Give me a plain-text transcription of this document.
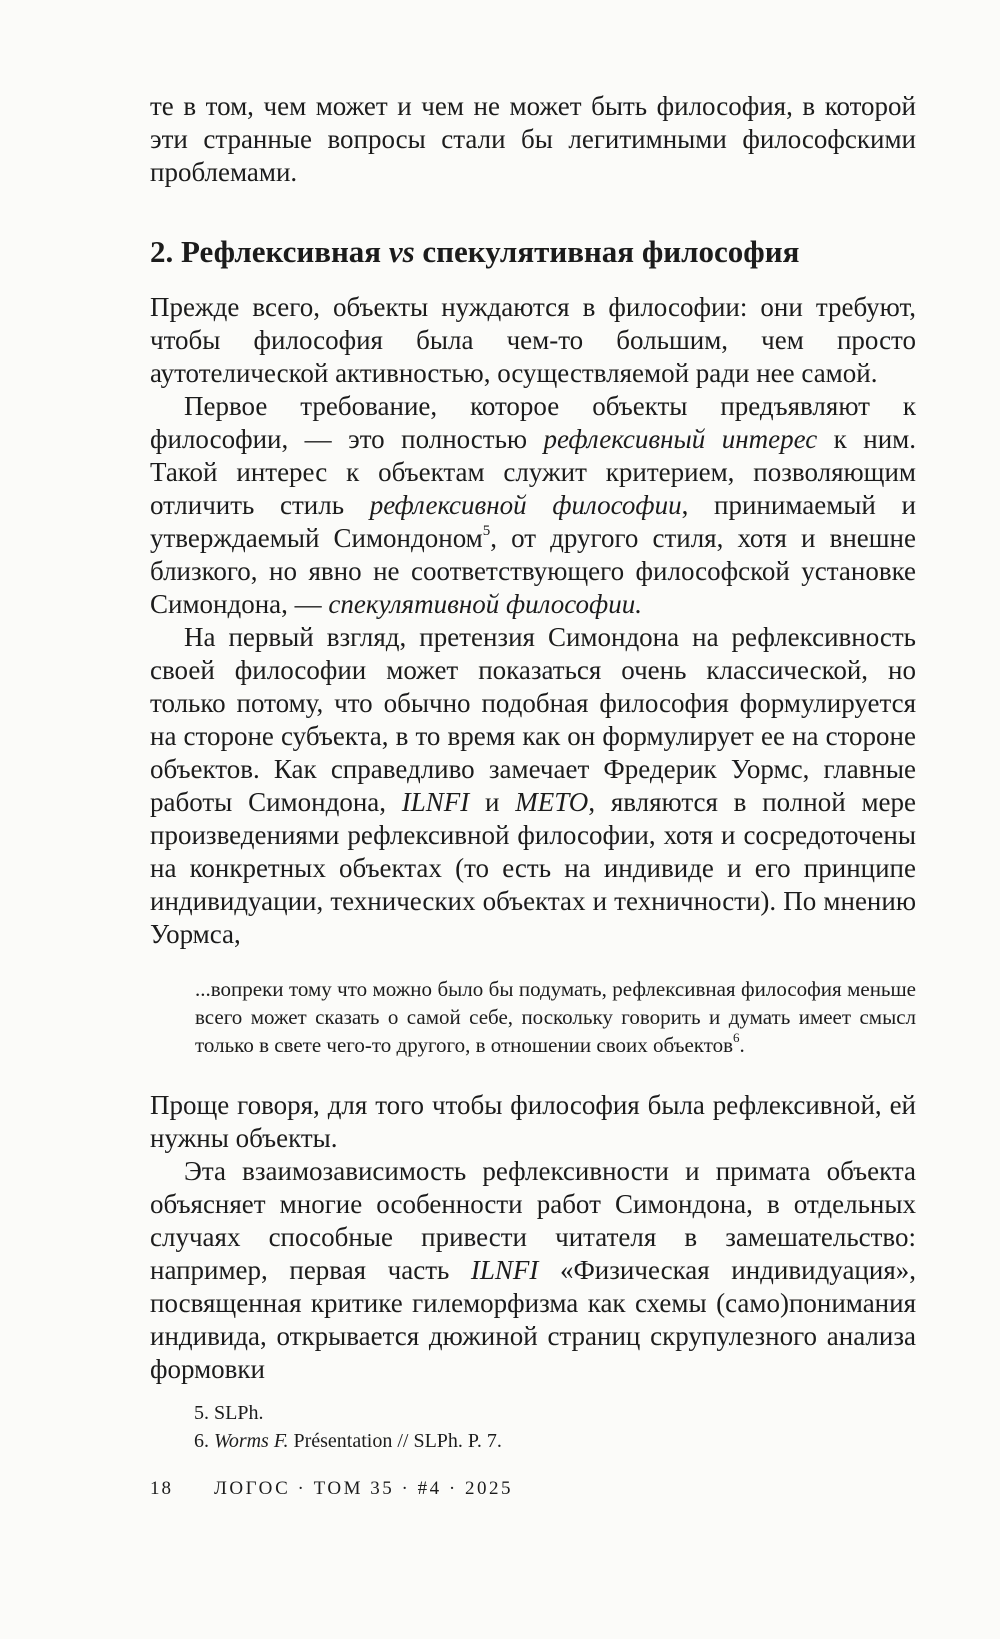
те в том, чем может и чем не может быть философия, в которой эти странные вопросы стали бы легитимными философскими проблемами.

2. Рефлексивная vs спекулятивная философия

Прежде всего, объекты нуждаются в философии: они требуют, чтобы философия была чем-то большим, чем просто аутотелической активностью, осуществляемой ради нее самой.

Первое требование, которое объекты предъявляют к философии, — это полностью рефлексивный интерес к ним. Такой интерес к объектам служит критерием, позволяющим отличить стиль рефлексивной философии, принимаемый и утверждаемый Симондоном$^5$, от другого стиля, хотя и внешне близкого, но явно не соответствующего философской установке Симондона, — спекулятивной философии.

На первый взгляд, претензия Симондона на рефлексивность своей философии может показаться очень классической, но только потому, что обычно подобная философия формулируется на стороне субъекта, в то время как он формулирует ее на стороне объектов. Как справедливо замечает Фредерик Уормс, главные работы Симондона, ILNFI и METO, являются в полной мере произведениями рефлексивной философии, хотя и сосредоточены на конкретных объектах (то есть на индивиде и его принципе индивидуации, технических объектах и техничности). По мнению Уормса,

...вопреки тому что можно было бы подумать, рефлексивная философия меньше всего может сказать о самой себе, поскольку говорить и думать имеет смысл только в свете чего-то другого, в отношении своих объектов$^6$.

Проще говоря, для того чтобы философия была рефлексивной, ей нужны объекты.

Эта взаимозависимость рефлексивности и примата объекта объясняет многие особенности работ Симондона, в отдельных случаях способные привести читателя в замешательство: например, первая часть ILNFI «Физическая индивидуация», посвященная критике гилеморфизма как схемы (само)понимания индивида, открывается дюжиной страниц скрупулезного анализа формовки

5. SLPh.
6. Worms F. Présentation // SLPh. P. 7.
18 ЛОГОС · ТОМ 35 · #4 · 2025
